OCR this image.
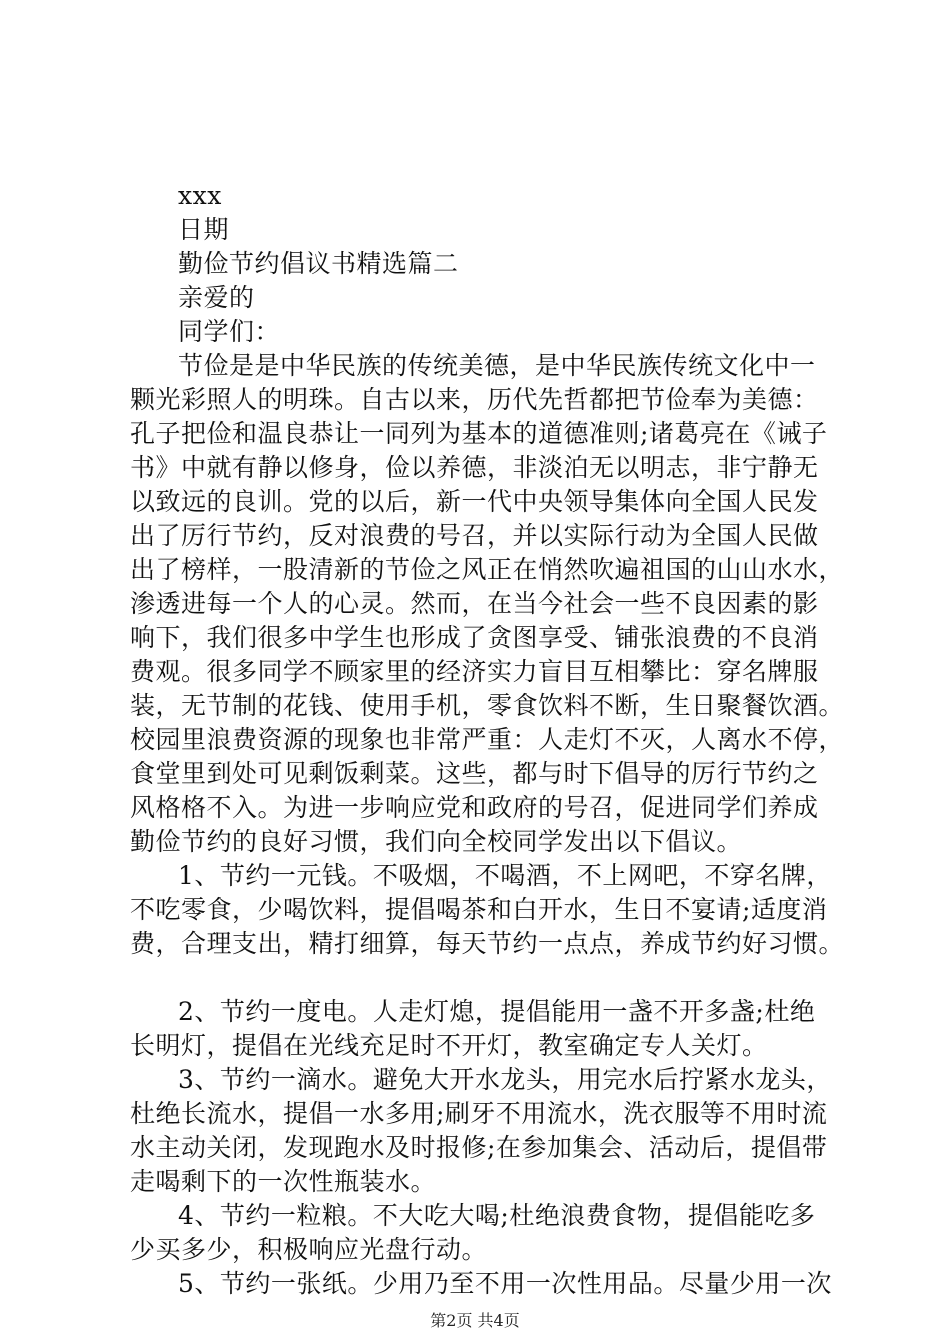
xxx
日期
勤俭节约倡议书精选篇二
亲爱的
同学们：
节俭是是中华民族的传统美德，是中华民族传统文化中一
颗光彩照人的明珠。自古以来，历代先哲都把节俭奉为美德：
孔子把俭和温良恭让一同列为基本的道德准则;诸葛亮在《诫子
书》中就有静以修身，俭以养德，非淡泊无以明志，非宁静无
以致远的良训。党的以后，新一代中央领导集体向全国人民发
出了厉行节约，反对浪费的号召，并以实际行动为全国人民做
出了榜样，一股清新的节俭之风正在悄然吹遍祖国的山山水水，
渗透进每一个人的心灵。然而，在当今社会一些不良因素的影
响下，我们很多中学生也形成了贪图享受、铺张浪费的不良消
费观。很多同学不顾家里的经济实力盲目互相攀比：穿名牌服
装，无节制的花钱、使用手机，零食饮料不断，生日聚餐饮酒。
校园里浪费资源的现象也非常严重：人走灯不灭，人离水不停，
食堂里到处可见剩饭剩菜。这些，都与时下倡导的厉行节约之
风格格不入。为进一步响应党和政府的号召，促进同学们养成
勤俭节约的良好习惯，我们向全校同学发出以下倡议。
1、节约一元钱。不吸烟，不喝酒，不上网吧，不穿名牌，
不吃零食，少喝饮料，提倡喝茶和白开水，生日不宴请;适度消
费，合理支出，精打细算，每天节约一点点，养成节约好习惯。
2、节约一度电。人走灯熄，提倡能用一盏不开多盏;杜绝
长明灯，提倡在光线充足时不开灯，教室确定专人关灯。
3、节约一滴水。避免大开水龙头，用完水后拧紧水龙头，
杜绝长流水，提倡一水多用;刷牙不用流水，洗衣服等不用时流
水主动关闭，发现跑水及时报修;在参加集会、活动后，提倡带
走喝剩下的一次性瓶装水。
4、节约一粒粮。不大吃大喝;杜绝浪费食物，提倡能吃多
少买多少，积极响应光盘行动。
5、节约一张纸。少用乃至不用一次性用品。尽量少用一次
第2页 共4页
